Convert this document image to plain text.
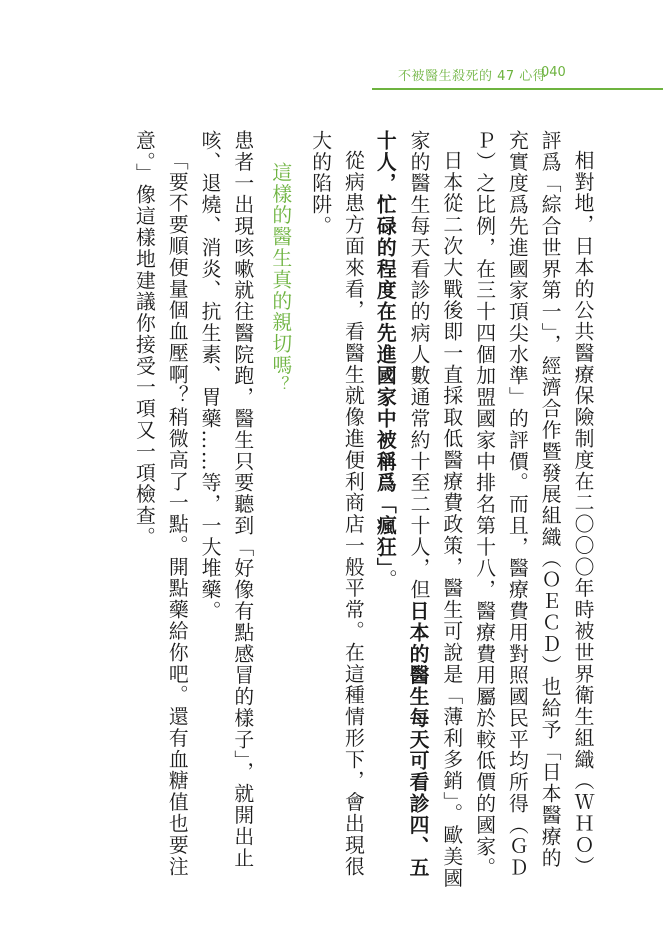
不被醫生殺死的 47 心得
040

相對地，日本的公共醫療保險制度在二〇〇〇年時被世界衛生組織（ＷＨＯ）評爲「綜合世界第一」，經濟合作暨發展組織（ＯＥＣＤ）也給予「日本醫療的充實度爲先進國家頂尖水準」的評價。而且，醫療費用對照國民平均所得（ＧＤＰ）之比例，在三十四個加盟國家中排名第十八，醫療費用屬於較低價的國家。

日本從二次大戰後即一直採取低醫療費政策，醫生可說是「薄利多銷」。歐美國家的醫生每天看診的病人數通常約十至二十人，但日本的醫生每天可看診四、五十人，忙碌的程度在先進國家中被稱爲「瘋狂」。

從病患方面來看，看醫生就像進便利商店一般平常。在這種情形下，會出現很大的陷阱。

這樣的醫生真的親切嗎？

患者一出現咳嗽就往醫院跑，醫生只要聽到「好像有點感冒的樣子」，就開出止咳、退燒、消炎、抗生素、胃藥……等，一大堆藥。

「要不要順便量個血壓啊？稍微高了一點。開點藥給你吧。還有血糖值也要注意。」像這樣地建議你接受一項又一項檢查。
